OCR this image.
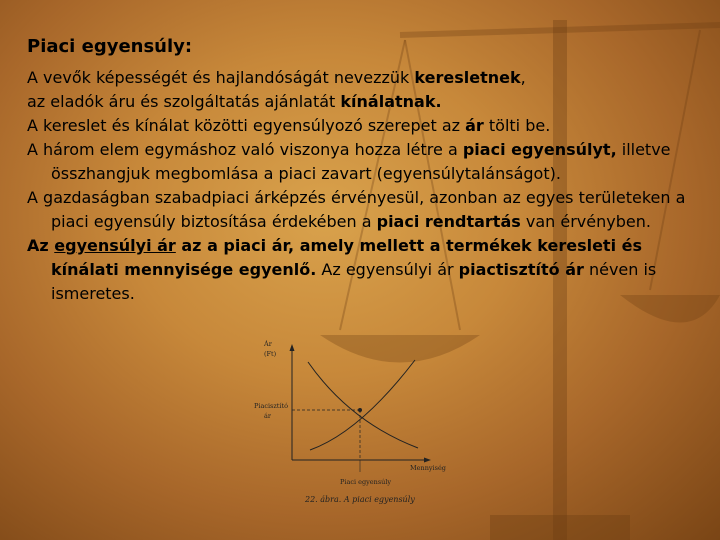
Piaci egyensúly:

A vevők képességét és hajlandóságát nevezzük keresletnek,

az eladók áru és szolgáltatás ajánlatát kínálatnak.

A kereslet és kínálat közötti egyensúlyozó szerepet az ár tölti be.

A három elem egymáshoz való viszonya hozza létre a piaci egyensúlyt, illetve összhangjuk megbomlása a piaci zavart (egyensúlytalánságot).

A gazdaságban szabadpiaci árképzés érvényesül, azonban az egyes területeken a piaci egyensúly biztosítása érdekében a piaci rendtartás van érvényben.

Az egyensúlyi ár az a piaci ár, amely mellett a termékek keresleti és kínálati mennyisége egyenlő. Az egyensúlyi ár piactisztító ár néven is ismeretes.

Ár
(Ft)
Piacisztító
ár
Mennyiség
Piaci egyensúly
22. ábra. A piaci egyensúly
